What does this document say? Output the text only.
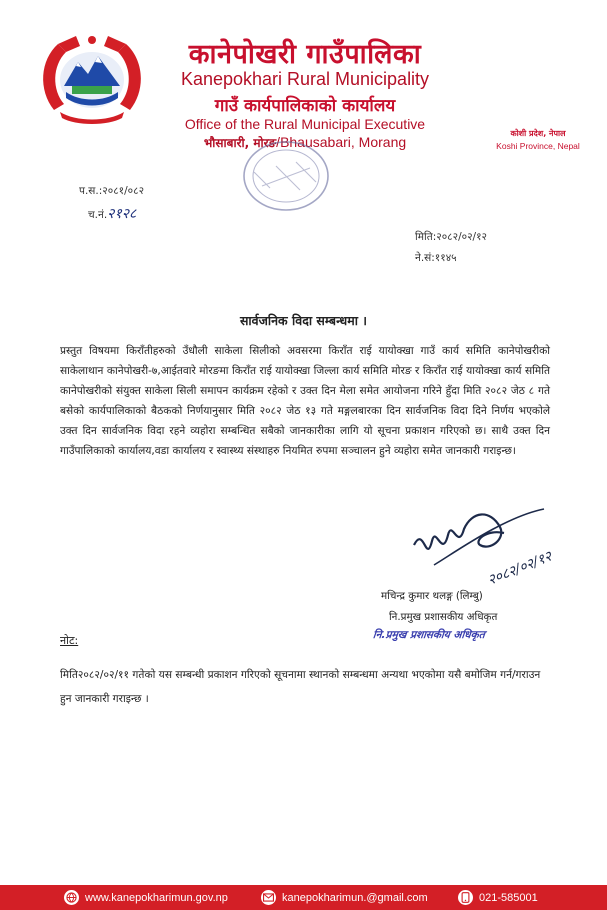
कानेपोखरी गाउँपालिका
Kanepokhari Rural Municipality
गाउँ कार्यपालिकाको कार्यालय
Office of the Rural Municipal Executive
भौसाबारी, मोरङ/Bhausabari, Morang
कोशी प्रदेश, नेपाल
Koshi Province, Nepal
प.स.:२०८१/०८२
च.नं.२१२८
मिति:२०८२/०२/१२
ने.सं:११४५
सार्वजनिक विदा सम्बन्धमा ।
प्रस्तुत विषयमा किराँतीहरुको उँधौली साकेला सिलीको अवसरमा किराँत राई यायोक्खा गाउँ कार्य समिति कानेपोखरीको साकेलाथान कानेपोखरी-७,आईतवारे मोरङमा किराँत राई यायोक्खा जिल्ला कार्य समिति मोरङ र किराँत राई यायोक्खा कार्य समिति कानेपोखरीको संयुक्त साकेला सिली समापन कार्यक्रम रहेको र उक्त दिन मेला समेत आयोजना गरिने हुँदा मिति २०८२ जेठ ८ गते बसेको कार्यपालिकाको बैठकको निर्णयानुसार मिति २०८२ जेठ १३ गते मङ्गलबारका दिन सार्वजनिक विदा दिने निर्णय भएकोले उक्त दिन सार्वजनिक विदा रहने व्यहोरा सम्बन्धित सबैको जानकारीका लागि यो सूचना प्रकाशन गरिएको छ। साथै उक्त दिन गाउँपालिकाको कार्यालय,वडा कार्यालय र स्वास्थ्य संस्थाहरु नियमित रुपमा सञ्चालन हुने व्यहोरा समेत जानकारी गराइन्छ।
२०८२/०२/१२
मचिन्द्र कुमार थलङ्ग (लिम्बु)
नि.प्रमुख प्रशासकीय अधिकृत
नि.प्रमुख प्रशासकीय अधिकृत
नोट:
मिति२०८२/०२/११ गतेको यस सम्बन्धी प्रकाशन गरिएको सूचनामा स्थानको सम्बन्धमा अन्यथा भएकोमा यसै बमोजिम गर्न/गराउन हुन जानकारी गराइन्छ ।
www.kanepokharimun.gov.np	kanepokharimun.@gmail.com	021-585001
